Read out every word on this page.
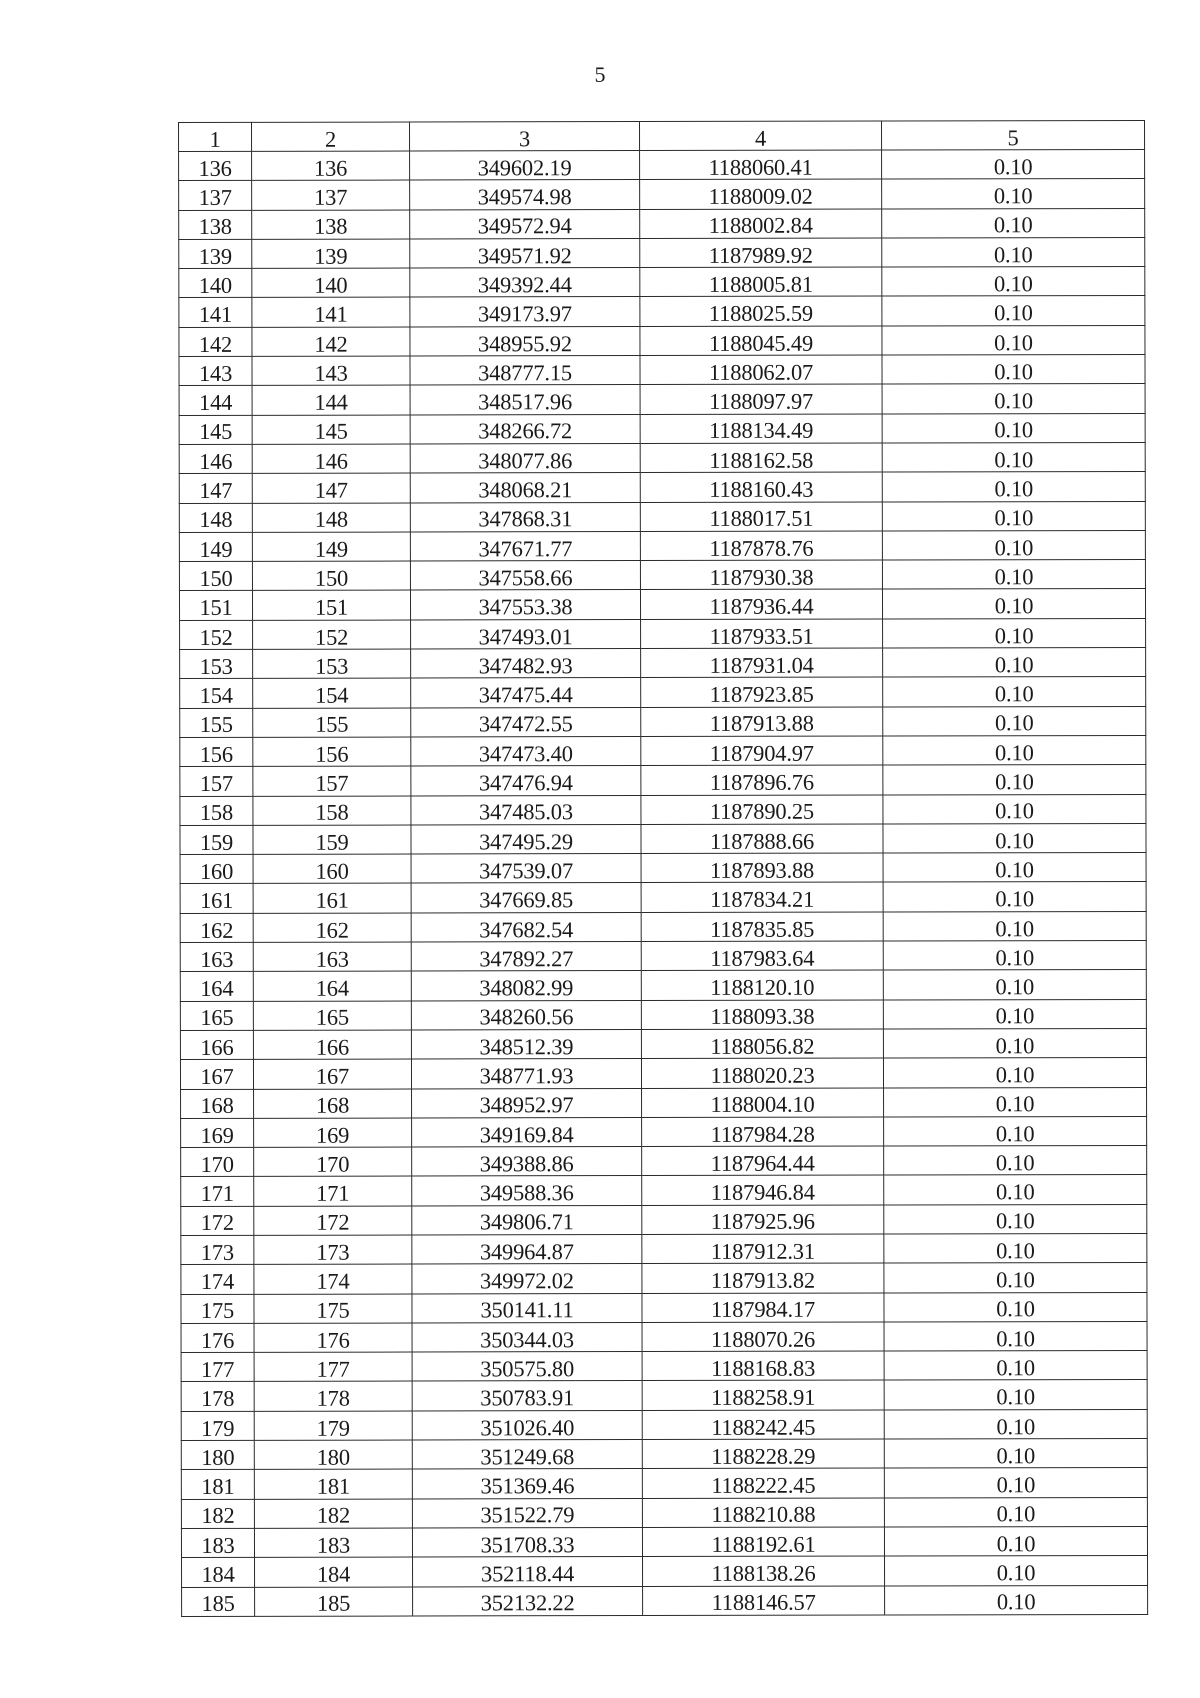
5
1	2	3	4	5
136	136	349602.19	1188060.41	0.10
137	137	349574.98	1188009.02	0.10
138	138	349572.94	1188002.84	0.10
139	139	349571.92	1187989.92	0.10
140	140	349392.44	1188005.81	0.10
141	141	349173.97	1188025.59	0.10
142	142	348955.92	1188045.49	0.10
143	143	348777.15	1188062.07	0.10
144	144	348517.96	1188097.97	0.10
145	145	348266.72	1188134.49	0.10
146	146	348077.86	1188162.58	0.10
147	147	348068.21	1188160.43	0.10
148	148	347868.31	1188017.51	0.10
149	149	347671.77	1187878.76	0.10
150	150	347558.66	1187930.38	0.10
151	151	347553.38	1187936.44	0.10
152	152	347493.01	1187933.51	0.10
153	153	347482.93	1187931.04	0.10
154	154	347475.44	1187923.85	0.10
155	155	347472.55	1187913.88	0.10
156	156	347473.40	1187904.97	0.10
157	157	347476.94	1187896.76	0.10
158	158	347485.03	1187890.25	0.10
159	159	347495.29	1187888.66	0.10
160	160	347539.07	1187893.88	0.10
161	161	347669.85	1187834.21	0.10
162	162	347682.54	1187835.85	0.10
163	163	347892.27	1187983.64	0.10
164	164	348082.99	1188120.10	0.10
165	165	348260.56	1188093.38	0.10
166	166	348512.39	1188056.82	0.10
167	167	348771.93	1188020.23	0.10
168	168	348952.97	1188004.10	0.10
169	169	349169.84	1187984.28	0.10
170	170	349388.86	1187964.44	0.10
171	171	349588.36	1187946.84	0.10
172	172	349806.71	1187925.96	0.10
173	173	349964.87	1187912.31	0.10
174	174	349972.02	1187913.82	0.10
175	175	350141.11	1187984.17	0.10
176	176	350344.03	1188070.26	0.10
177	177	350575.80	1188168.83	0.10
178	178	350783.91	1188258.91	0.10
179	179	351026.40	1188242.45	0.10
180	180	351249.68	1188228.29	0.10
181	181	351369.46	1188222.45	0.10
182	182	351522.79	1188210.88	0.10
183	183	351708.33	1188192.61	0.10
184	184	352118.44	1188138.26	0.10
185	185	352132.22	1188146.57	0.10
